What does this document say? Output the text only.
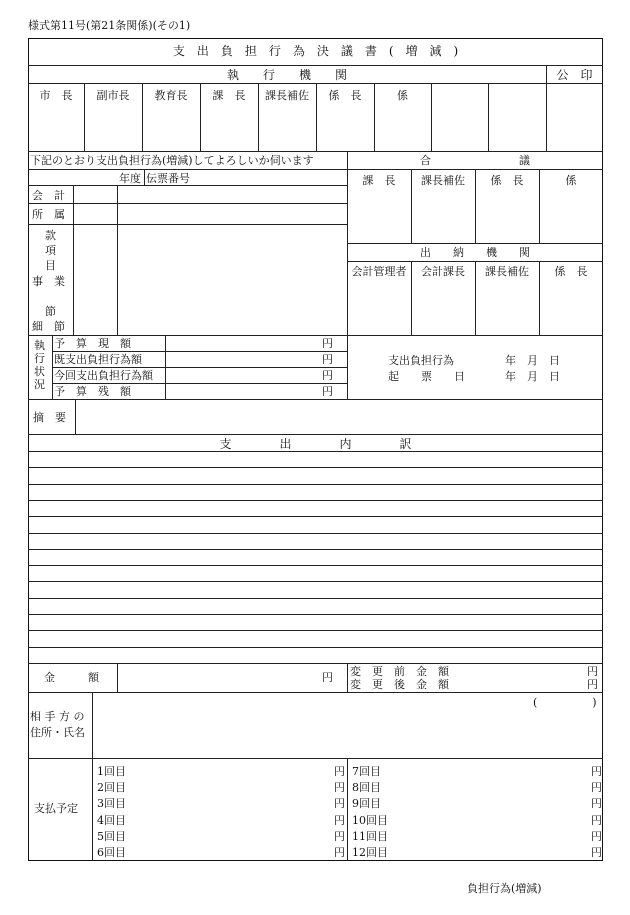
様式第11号(第21条関係)(その1)
支　出　負　担　行　為　決　議　書　(　増　減　)
執　　行　　機　　関	公　印
市　長	副市長	教育長	課　長	課長補佐	係　長	係
下記のとおり支出負担行為(増減)してよろしいか伺います	合　　　　　　　　議
年度 伝票番号
会　計
所　属
款
項
目
事　業
節
細　節
課　長	課長補佐	係　長	係
出　　納　　機　　関
会計管理者	会計課長	課長補佐	係　長
執
行
状
況
予　算　現　額	円
既支出負担行為額	円
今回支出負担行為額	円
予　算　残　額	円
支出負担行為	年　月　日
起　　票　　日	年　月　日
摘　要
支　　　　出　　　　内　　　　訳
金　　　額	円 変　更　前　金　額	円
変　更　後　金　額	円
相 手 方 の
住所・氏名
(　　　　　)
支払予定
1回目	円 7回目	円
2回目	円 8回目	円
3回目	円 9回目	円
4回目	円 10回目	円
5回目	円 11回目	円
6回目	円 12回目	円
負担行為(増減)
